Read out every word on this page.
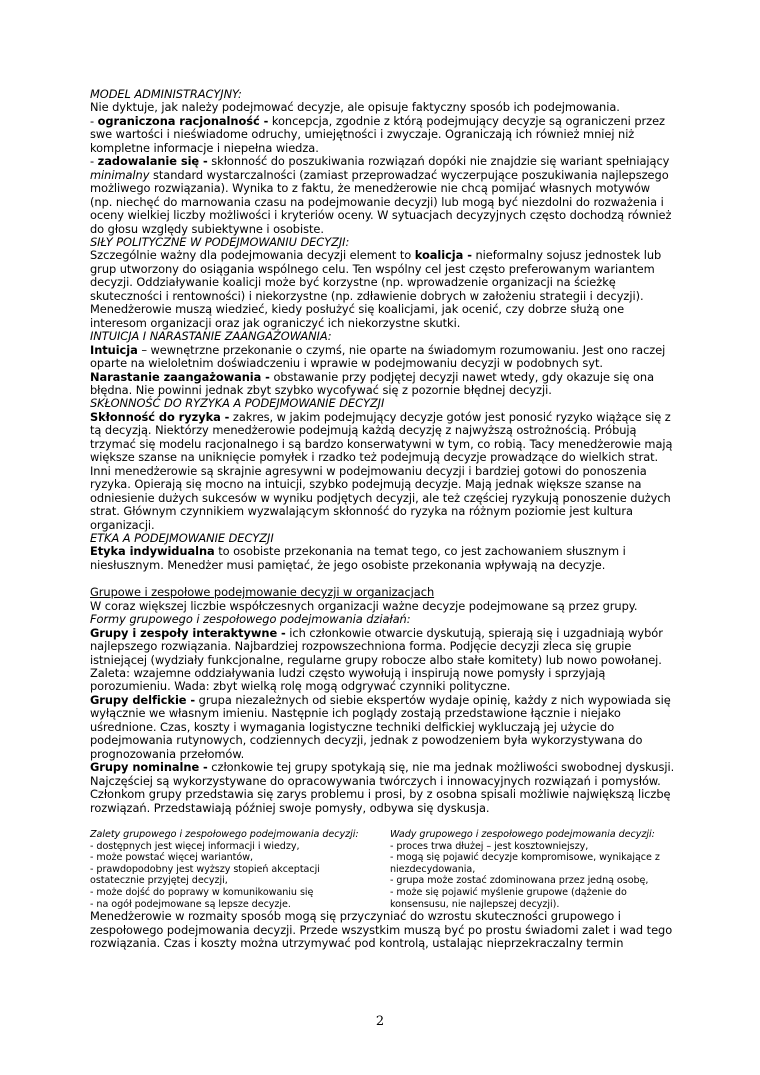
MODEL ADMINISTRACYJNY:

Nie dyktuje, jak należy podejmować decyzje, ale opisuje faktyczny sposób ich podejmowania.

- ograniczona racjonalność - koncepcja, zgodnie z którą podejmujący decyzje są ograniczeni przez swe wartości i nieświadome odruchy, umiejętności i zwyczaje. Ograniczają ich również mniej niż kompletne informacje i niepełna wiedza.

- zadowalanie się - skłonność do poszukiwania rozwiązań dopóki nie znajdzie się wariant spełniający minimalny standard wystarczalności (zamiast przeprowadzać wyczerpujące poszukiwania najlepszego możliwego rozwiązania). Wynika to z faktu, że menedżerowie nie chcą pomijać własnych motywów (np. niechęć do marnowania czasu na podejmowanie decyzji) lub mogą być niezdolni do rozważenia i oceny wielkiej liczby możliwości i kryteriów oceny. W sytuacjach decyzyjnych często dochodzą również do głosu względy subiektywne i osobiste.

SIŁY POLITYCZNE W PODEJMOWANIU DECYZJI:

Szczególnie ważny dla podejmowania decyzji element to koalicja - nieformalny sojusz jednostek lub grup utworzony do osiągania wspólnego celu. Ten wspólny cel jest często preferowanym wariantem decyzji. Oddziaływanie koalicji może być korzystne (np. wprowadzenie organizacji na ścieżkę skuteczności i rentowności) i niekorzystne (np. zdławienie dobrych w założeniu strategii i decyzji). Menedżerowie muszą wiedzieć, kiedy posłużyć się koalicjami, jak ocenić, czy dobrze służą one interesom organizacji oraz jak ograniczyć ich niekorzystne skutki.

INTUICJA I NARASTANIE ZAANGAŻOWANIA:

Intuicja – wewnętrzne przekonanie o czymś, nie oparte na świadomym rozumowaniu. Jest ono raczej oparte na wieloletnim doświadczeniu i wprawie w podejmowaniu decyzji w podobnych syt.

Narastanie zaangażowania - obstawanie przy podjętej decyzji nawet wtedy, gdy okazuje się ona błędna. Nie powinni jednak zbyt szybko wycofywać się z pozornie błędnej decyzji.

SKŁONNOŚĆ DO RYZYKA A PODEJMOWANIE DECYZJI

Skłonność do ryzyka - zakres, w jakim podejmujący decyzje gotów jest ponosić ryzyko wiążące się z tą decyzją. Niektórzy menedżerowie podejmują każdą decyzję z najwyższą ostrożnością. Próbują trzymać się modelu racjonalnego i są bardzo konserwatywni w tym, co robią. Tacy menedżerowie mają większe szanse na uniknięcie pomyłek i rzadko też podejmują decyzje prowadzące do wielkich strat. Inni menedżerowie są skrajnie agresywni w podejmowaniu decyzji i bardziej gotowi do ponoszenia ryzyka. Opierają się mocno na intuicji, szybko podejmują decyzje. Mają jednak większe szanse na odniesienie dużych sukcesów w wyniku podjętych decyzji, ale też częściej ryzykują ponoszenie dużych strat. Głównym czynnikiem wyzwalającym skłonność do ryzyka na różnym poziomie jest kultura organizacji.

ETKA A PODEJMOWANIE DECYZJI

Etyka indywidualna to osobiste przekonania na temat tego, co jest zachowaniem słusznym i niesłusznym. Menedżer musi pamiętać, że jego osobiste przekonania wpływają na decyzje.

Grupowe i zespołowe podejmowanie decyzji w organizacjach

W coraz większej liczbie współczesnych organizacji ważne decyzje podejmowane są przez grupy.

Formy grupowego i zespołowego podejmowania działań:

Grupy i zespoły interaktywne - ich członkowie otwarcie dyskutują, spierają się i uzgadniają wybór najlepszego rozwiązania. Najbardziej rozpowszechniona forma. Podjęcie decyzji zleca się grupie istniejącej (wydziały funkcjonalne, regularne grupy robocze albo stałe komitety) lub nowo powołanej. Zaleta: wzajemne oddziaływania ludzi często wywołują i inspirują nowe pomysły i sprzyjają porozumieniu. Wada: zbyt wielką rolę mogą odgrywać czynniki polityczne.

Grupy delfickie - grupa niezależnych od siebie ekspertów wydaje opinię, każdy z nich wypowiada się wyłącznie we własnym imieniu. Następnie ich poglądy zostają przedstawione łącznie i niejako uśrednione. Czas, koszty i wymagania logistyczne techniki delfickiej wykluczają jej użycie do podejmowania rutynowych, codziennych decyzji, jednak z powodzeniem była wykorzystywana do prognozowania przełomów.

Grupy nominalne - członkowie tej grupy spotykają się, nie ma jednak możliwości swobodnej dyskusji. Najczęściej są wykorzystywane do opracowywania twórczych i innowacyjnych rozwiązań i pomysłów. Członkom grupy przedstawia się zarys problemu i prosi, by z osobna spisali możliwie największą liczbę rozwiązań. Przedstawiają później swoje pomysły, odbywa się dyskusja.

Zalety grupowego i zespołowego podejmowania decyzji:

- dostępnych jest więcej informacji i wiedzy,

- może powstać więcej wariantów,

- prawdopodobny jest wyższy stopień akceptacji ostatecznie przyjętej decyzji,

- może dojść do poprawy w komunikowaniu się

- na ogół podejmowane są lepsze decyzje.

Wady grupowego i zespołowego podejmowania decyzji:

- proces trwa dłużej – jest kosztowniejszy,

- mogą się pojawić decyzje kompromisowe, wynikające z niezdecydowania,

- grupa może zostać zdominowana przez jedną osobę,

- może się pojawić myślenie grupowe (dążenie do konsensusu, nie najlepszej decyzji).

Menedżerowie w rozmaity sposób mogą się przyczyniać do wzrostu skuteczności grupowego i zespołowego podejmowania decyzji. Przede wszystkim muszą być po prostu świadomi zalet i wad tego rozwiązania. Czas i koszty można utrzymywać pod kontrolą, ustalając nieprzekraczalny termin

2
